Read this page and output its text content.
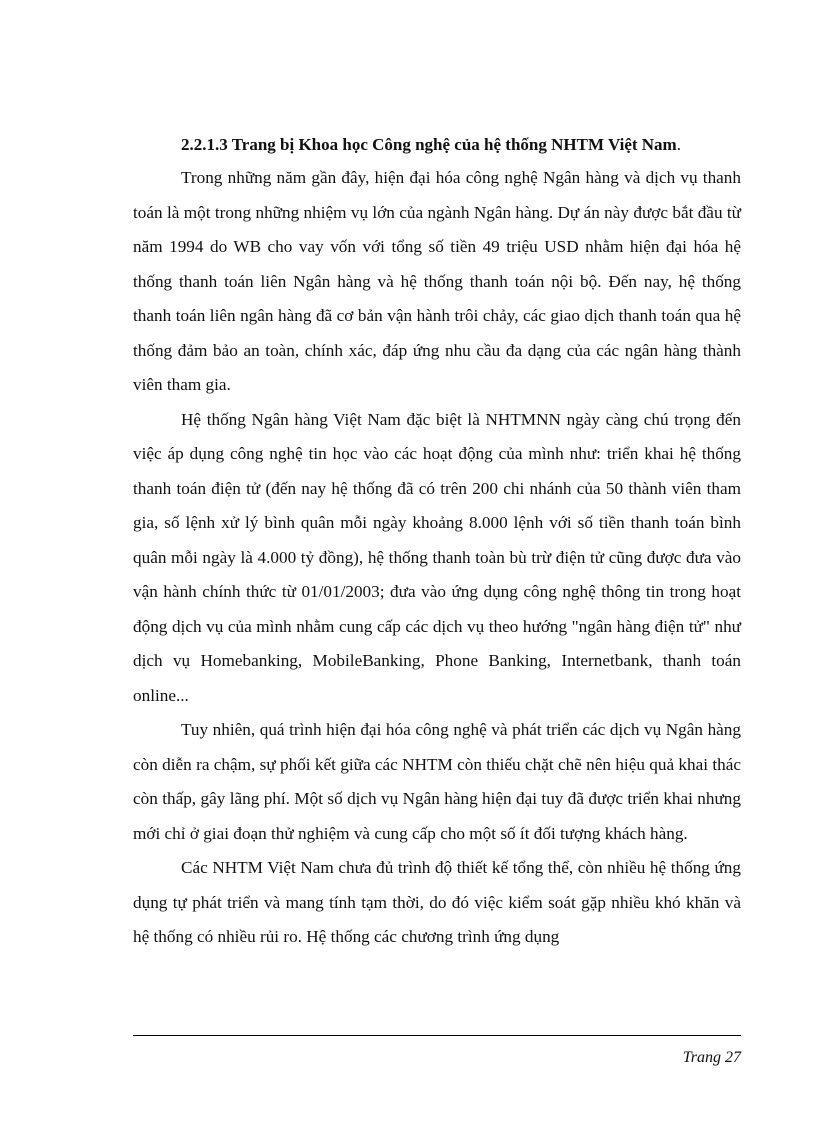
2.2.1.3 Trang bị Khoa học Công nghệ của hệ thống NHTM Việt Nam.

Trong những năm gần đây, hiện đại hóa công nghệ Ngân hàng và dịch vụ thanh toán là một trong những nhiệm vụ lớn của ngành Ngân hàng. Dự án này được bắt đầu từ năm 1994 do WB cho vay vốn với tổng số tiền 49 triệu USD nhằm hiện đại hóa hệ thống thanh toán liên Ngân hàng và hệ thống thanh toán nội bộ. Đến nay, hệ thống thanh toán liên ngân hàng đã cơ bản vận hành trôi chảy, các giao dịch thanh toán qua hệ thống đảm bảo an toàn, chính xác, đáp ứng nhu cầu đa dạng của các ngân hàng thành viên tham gia.

Hệ thống Ngân hàng Việt Nam đặc biệt là NHTMNN ngày càng chú trọng đến việc áp dụng công nghệ tin học vào các hoạt động của mình như: triển khai hệ thống thanh toán điện tử (đến nay hệ thống đã có trên 200 chi nhánh của 50 thành viên tham gia, số lệnh xử lý bình quân mỗi ngày khoảng 8.000 lệnh với số tiền thanh toán bình quân mỗi ngày là 4.000 tỷ đồng), hệ thống thanh toàn bù trừ điện tử cũng được đưa vào vận hành chính thức từ 01/01/2003; đưa vào ứng dụng công nghệ thông tin trong hoạt động dịch vụ của mình nhằm cung cấp các dịch vụ theo hướng "ngân hàng điện tử" như dịch vụ Homebanking, MobileBanking, Phone Banking, Internetbank, thanh toán online...

Tuy nhiên, quá trình hiện đại hóa công nghệ và phát triển các dịch vụ Ngân hàng còn diễn ra chậm, sự phối kết giữa các NHTM còn thiếu chặt chẽ nên hiệu quả khai thác còn thấp, gây lãng phí. Một số dịch vụ Ngân hàng hiện đại tuy đã được triển khai nhưng mới chỉ ở giai đoạn thử nghiệm và cung cấp cho một số ít đối tượng khách hàng.

Các NHTM Việt Nam chưa đủ trình độ thiết kế tổng thể, còn nhiều hệ thống ứng dụng tự phát triển và mang tính tạm thời, do đó việc kiểm soát gặp nhiều khó khăn và hệ thống có nhiều rủi ro. Hệ thống các chương trình ứng dụng

Trang 27
